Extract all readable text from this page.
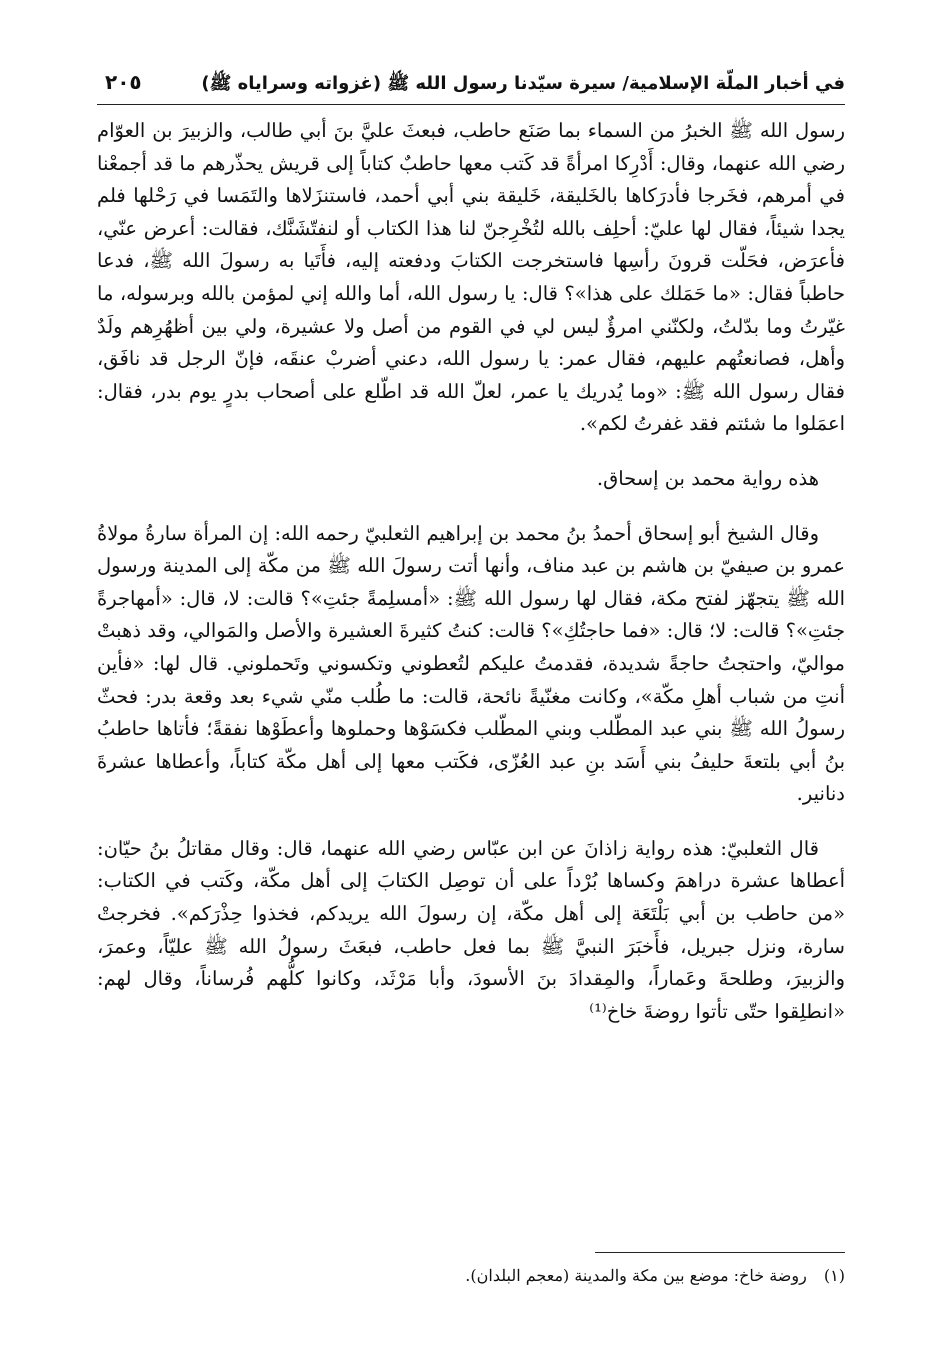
في أخبار الملّة الإسلامية/ سيرة سيّدنا رسول الله ﷺ (غزواته وسراياه ﷺ)
٢٠٥

رسول الله ﷺ الخبرُ من السماء بما صَنَع حاطب، فبعثَ عليَّ بنَ أبي طالب، والزبيرَ بن العوّام رضي الله عنهما، وقال: أَدْرِكا امرأةً قد كَتب معها حاطبٌ كتاباً إلى قريش يحذّرهم ما قد أجمعْنا في أمرهم، فخَرجا فأدرَكاها بالخَليقة، خَليقة بني أبي أحمد، فاستنزَلاها والتَمَسا في رَحْلها فلم يجدا شيئاً، فقال لها عليّ: أحلِف بالله لتُخْرِجنّ لنا هذا الكتاب أو لنفتّشَنَّك، فقالت: أعرض عنّي، فأعرَض، فحَلّت قرونَ رأسِها فاستخرجت الكتابَ ودفعته إليه، فأَتَيا به رسولَ الله ﷺ، فدعا حاطباً فقال: «ما حَمَلك على هذا»؟ قال: يا رسول الله، أما والله إني لمؤمن بالله وبرسوله، ما غيّرتُ وما بدّلتُ، ولكنّني امرؤٌ ليس لي في القوم من أصل ولا عشيرة، ولي بين أظهُرِهم ولَدٌ وأهل، فصانعتُهم عليهم، فقال عمر: يا رسول الله، دعني أضربْ عنقَه، فإنّ الرجل قد نافَق، فقال رسول الله ﷺ: «وما يُدريك يا عمر، لعلّ الله قد اطّلع على أصحاب بدرٍ يوم بدر، فقال: اعمَلوا ما شئتم فقد غفرتُ لكم».

هذه رواية محمد بن إسحاق.

وقال الشيخ أبو إسحاق أحمدُ بنُ محمد بن إبراهيم الثعلبيّ رحمه الله: إن المرأة سارةُ مولاةُ عمرو بن صيفيّ بن هاشم بن عبد مناف، وأنها أتت رسولَ الله ﷺ من مكّة إلى المدينة ورسول الله ﷺ يتجهّز لفتح مكة، فقال لها رسول الله ﷺ: «أمسلِمةً جئتِ»؟ قالت: لا، قال: «أمهاجرةً جئتِ»؟ قالت: لا؛ قال: «فما حاجتُكِ»؟ قالت: كنتُ كثيرةَ العشيرة والأصل والمَوالي، وقد ذهبتْ مواليّ، واحتجتُ حاجةً شديدة، فقدمتُ عليكم لتُعطوني وتكسوني وتَحملوني. قال لها: «فأين أنتِ من شباب أهلِ مكّة»، وكانت مغنّيةً نائحة، قالت: ما طُلب منّي شيء بعد وقعة بدر: فحثّ رسولُ الله ﷺ بني عبد المطّلب وبني المطّلب فكسَوْها وحملوها وأعطَوْها نفقةً؛ فأتاها حاطبُ بنُ أبي بلتعةَ حليفُ بني أَسَد بنِ عبد العُزّى، فكَتب معها إلى أهل مكّة كتاباً، وأعطاها عشرةَ دنانير.

قال الثعلبيّ: هذه رواية زاذانَ عن ابن عبّاس رضي الله عنهما، قال: وقال مقاتلُ بنُ حيّان: أعطاها عشرة دراهمَ وكساها بُرْداً على أن توصِل الكتابَ إلى أهل مكّة، وكَتب في الكتاب: «من حاطب بن أبي بَلْتَعَة إلى أهل مكّة، إن رسولَ الله يريدكم، فخذوا حِذْرَكم». فخرجتْ سارة، ونزل جبريل، فأَخبَرَ النبيَّ ﷺ بما فعل حاطب، فبعَثَ رسولُ الله ﷺ عليّاً، وعمرَ، والزبيرَ، وطلحةَ وعَماراً، والمِقدادَ بنَ الأسودَ، وأبا مَرْثَد، وكانوا كلُّهم فُرساناً، وقال لهم: «انطلِقوا حتّى تأتوا روضةَ خاخ⁽¹⁾

(١) روضة خاخ: موضع بين مكة والمدينة (معجم البلدان).
